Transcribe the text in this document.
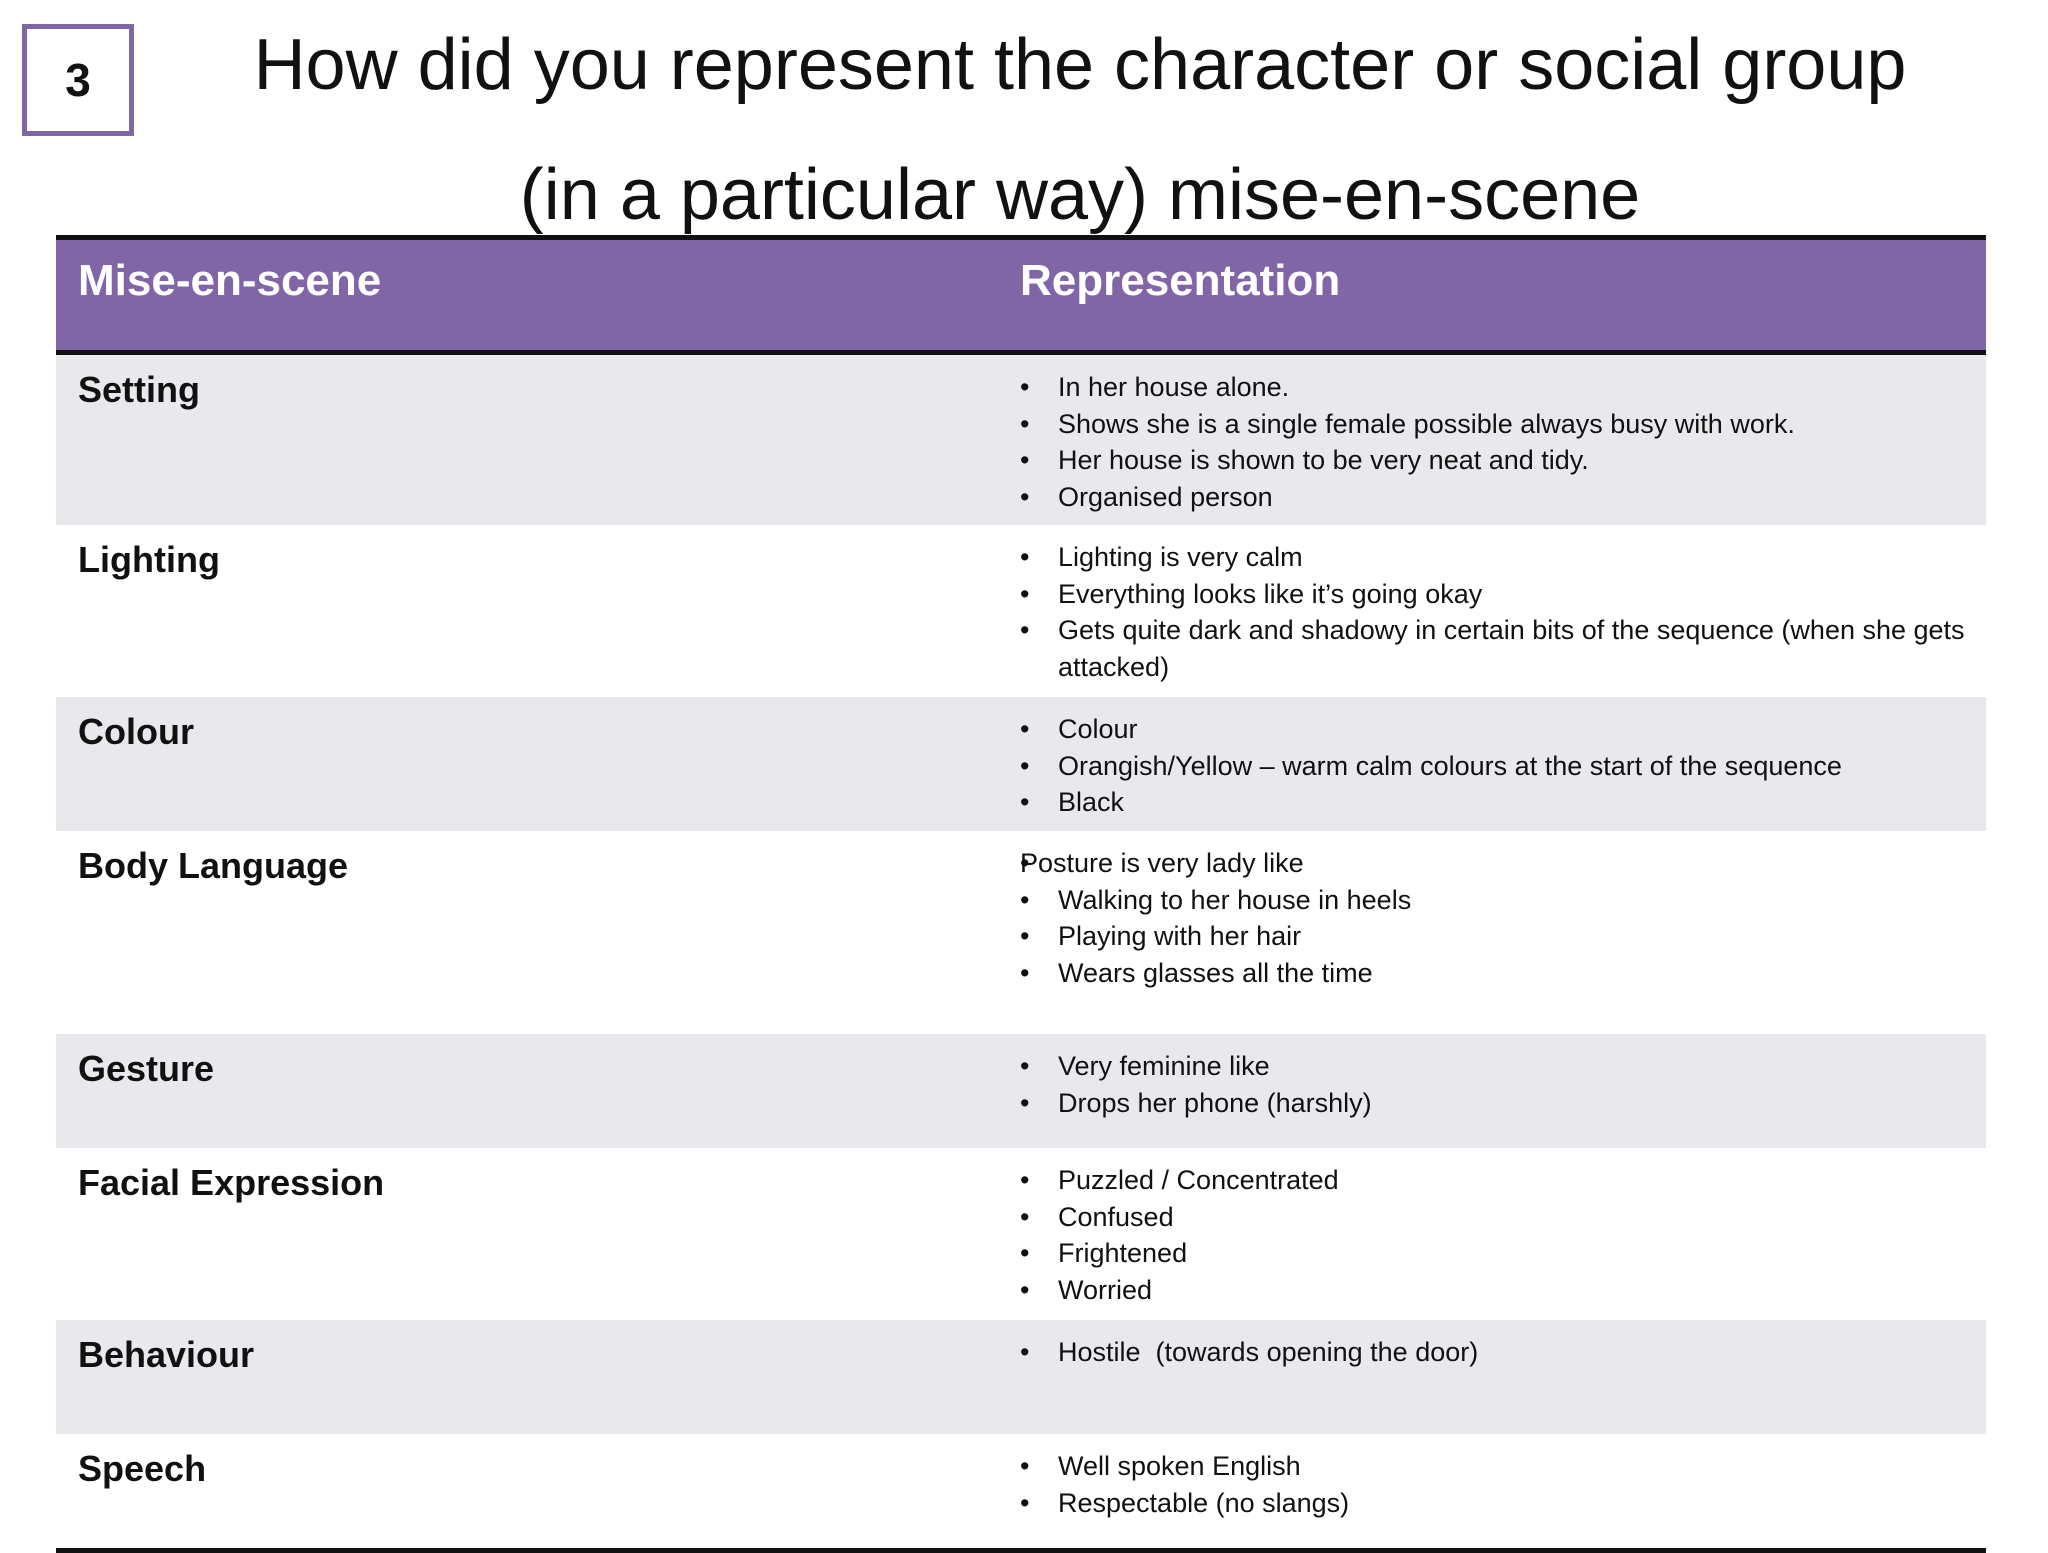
3	How did you represent the character or social group
(in a particular way) mise-en-scene
Mise-en-scene	Representation
Setting	• In her house alone.
• Shows she is a single female possible always busy with work.
• Her house is shown to be very neat and tidy.
• Organised person
Lighting	• Lighting is very calm
• Everything looks like it’s going okay
• Gets quite dark and shadowy in certain bits of the sequence (when she gets attacked)
Colour	• Colour
• Orangish/Yellow – warm calm colours at the start of the sequence
• Black
Body Language	• Posture is very lady like
• Walking to her house in heels
• Playing with her hair
• Wears glasses all the time
Gesture	• Very feminine like
• Drops her phone (harshly)
Facial Expression	• Puzzled / Concentrated
• Confused
• Frightened
• Worried
Behaviour	• Hostile  (towards opening the door)
Speech	• Well spoken English
• Respectable (no slangs)
